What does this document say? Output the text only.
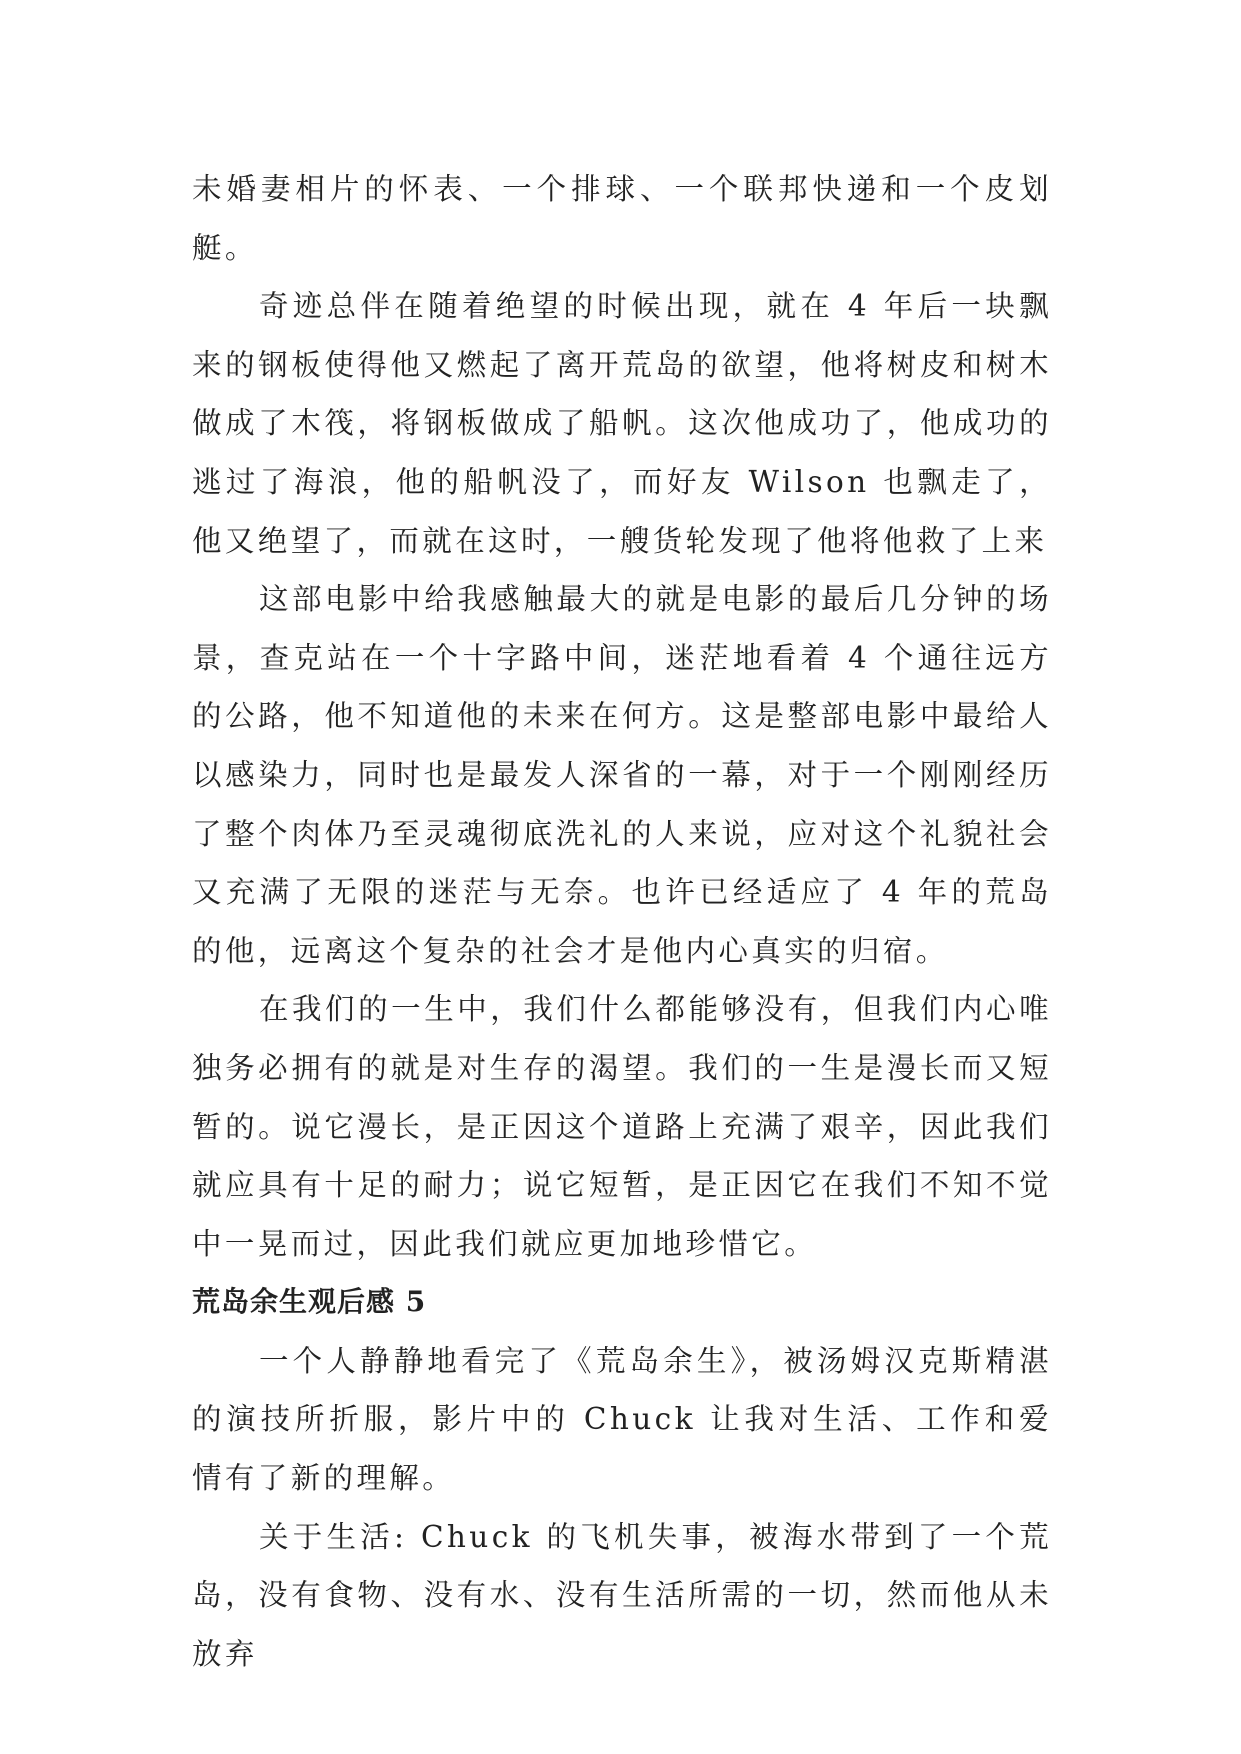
未婚妻相片的怀表、一个排球、一个联邦快递和一个皮划艇。

奇迹总伴在随着绝望的时候出现，就在 4 年后一块飘来的钢板使得他又燃起了离开荒岛的欲望，他将树皮和树木做成了木筏，将钢板做成了船帆。这次他成功了，他成功的逃过了海浪，他的船帆没了，而好友 Wilson 也飘走了，他又绝望了，而就在这时，一艘货轮发现了他将他救了上来

这部电影中给我感触最大的就是电影的最后几分钟的场景，查克站在一个十字路中间，迷茫地看着 4 个通往远方的公路，他不知道他的未来在何方。这是整部电影中最给人以感染力，同时也是最发人深省的一幕，对于一个刚刚经历了整个肉体乃至灵魂彻底洗礼的人来说，应对这个礼貌社会又充满了无限的迷茫与无奈。也许已经适应了 4 年的荒岛的他，远离这个复杂的社会才是他内心真实的归宿。

在我们的一生中，我们什么都能够没有，但我们内心唯独务必拥有的就是对生存的渴望。我们的一生是漫长而又短暂的。说它漫长，是正因这个道路上充满了艰辛，因此我们就应具有十足的耐力；说它短暂，是正因它在我们不知不觉中一晃而过，因此我们就应更加地珍惜它。

荒岛余生观后感 5

一个人静静地看完了《荒岛余生》，被汤姆汉克斯精湛的演技所折服，影片中的 Chuck 让我对生活、工作和爱情有了新的理解。

关于生活: Chuck 的飞机失事，被海水带到了一个荒岛，没有食物、没有水、没有生活所需的一切，然而他从未放弃
